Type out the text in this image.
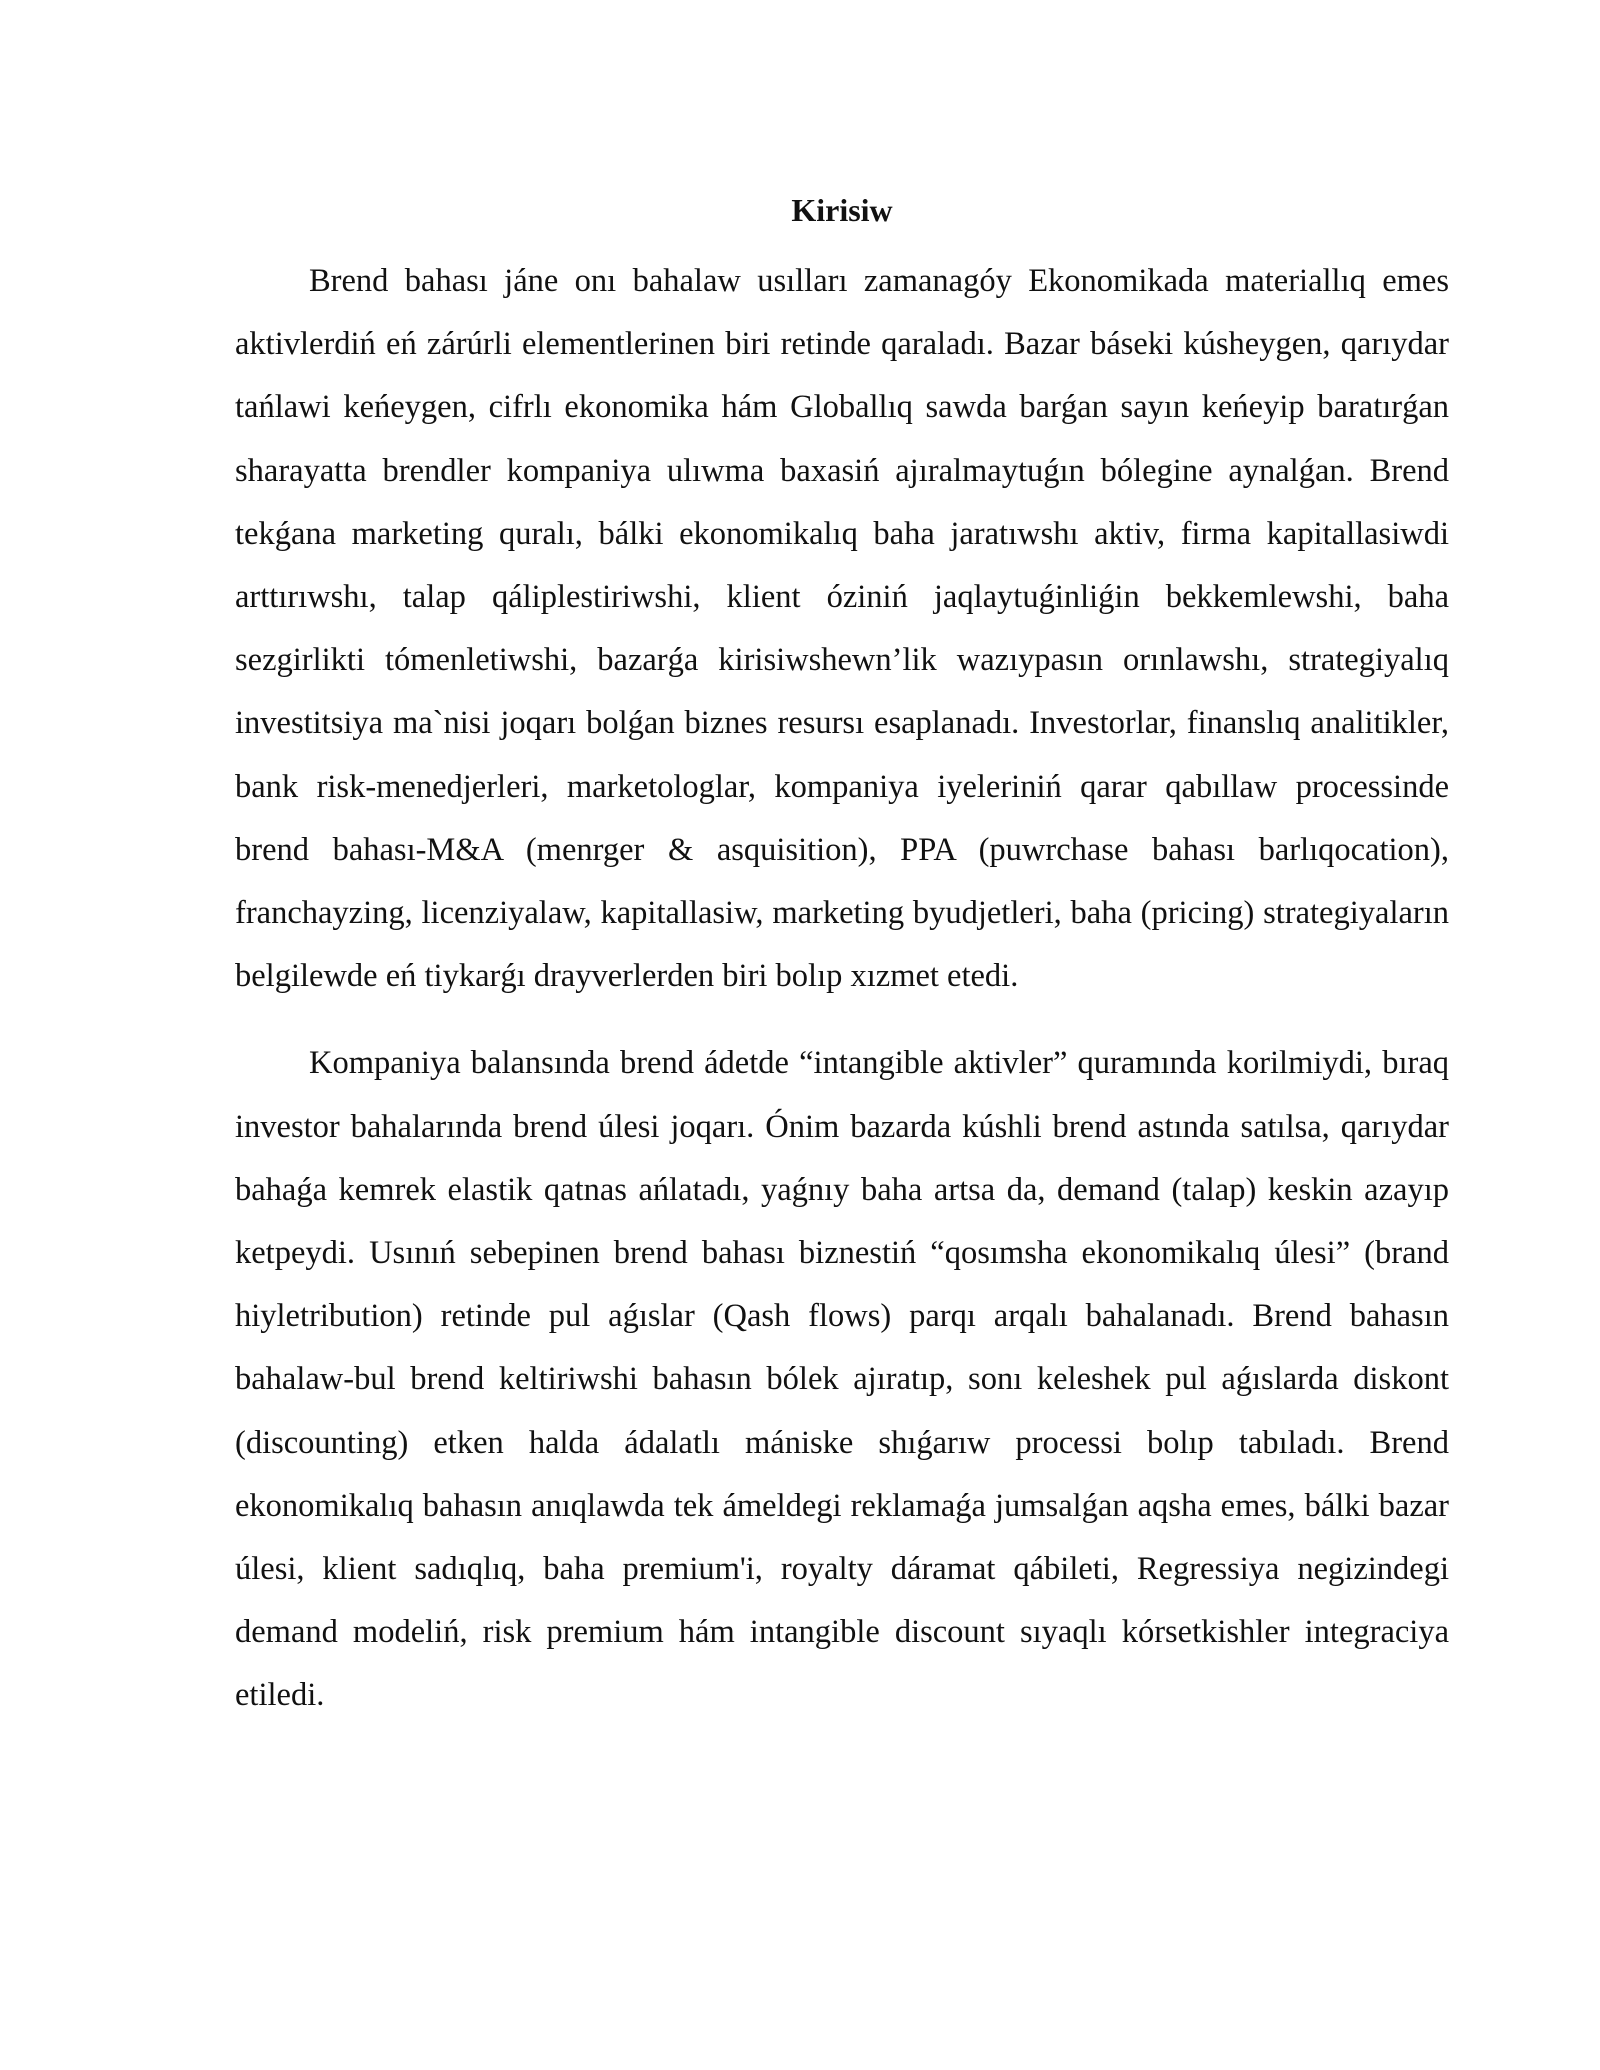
Kirisiw

Brend bahası jáne onı bahalaw usılları zamanagóy Ekonomikada materiallıq emes aktivlerdiń eń zárúrli elementlerinen biri retinde qaraladı. Bazar báseki kúsheygen, qarıydar tańlawi keńeygen, cifrlı ekonomika hám Globallıq sawda barǵan sayın keńeyip baratırǵan sharayatta brendler kompaniya ulıwma baxasiń ajıralmaytuǵın bólegine aynalǵan. Brend tekǵana marketing quralı, bálki ekonomikalıq baha jaratıwshı aktiv, firma kapitallasiwdi arttırıwshı, talap qáliplestiriwshi, klient óziniń jaqlaytuǵinliǵin bekkemlewshi, baha sezgirlikti tómenletiwshi, bazarǵa kirisiwshewn’lik wazıypasın orınlawshı, strategiyalıq investitsiya ma`nisi joqarı bolǵan biznes resursı esaplanadı. Investorlar, finanslıq analitikler, bank risk-menedjerleri, marketologlar, kompaniya iyeleriniń qarar qabıllaw processinde brend bahası-M&A (menrger & asquisition), PPA (puwrchase bahası barlıqocation), franchayzing, licenziyalaw, kapitallasiw, marketing byudjetleri, baha (pricing) strategiyaların belgilewde eń tiykarǵı drayverlerden biri bolıp xızmet etedi.

Kompaniya balansında brend ádetde “intangible aktivler” quramında korilmiydi, bıraq investor bahalarında brend úlesi joqarı. Ónim bazarda kúshli brend astında satılsa, qarıydar bahaǵa kemrek elastik qatnas ańlatadı, yaǵnıy baha artsa da, demand (talap) keskin azayıp ketpeydi. Usınıń sebepinen brend bahası biznestiń “qosımsha ekonomikalıq úlesi” (brand hiyletribution) retinde pul aǵıslar (Qash flows) parqı arqalı bahalanadı. Brend bahasın bahalaw-bul brend keltiriwshi bahasın bólek ajıratıp, sonı keleshek pul aǵıslarda diskont (discounting) etken halda ádalatlı mániske shıǵarıw processi bolıp tabıladı. Brend ekonomikalıq bahasın anıqlawda tek ámeldegi reklamaǵa jumsalǵan aqsha emes, bálki bazar úlesi, klient sadıqlıq, baha premium'i, royalty dáramat qábileti, Regressiya negizindegi demand modeliń, risk premium hám intangible discount sıyaqlı kórsetkishler integraciya etiledi.
